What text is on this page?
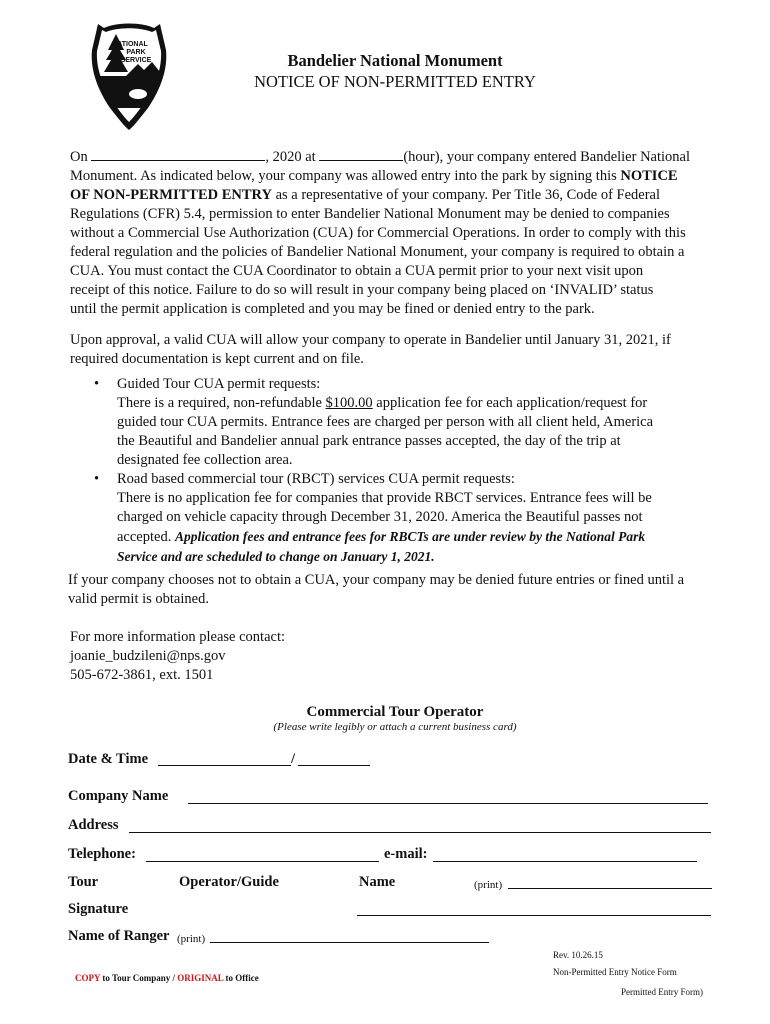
NATIONAL
PARK
SERVICE	Bandelier National Monument
NOTICE OF NON-PERMITTED ENTRY
On	, 2020 at	(hour), your company entered Bandelier National
Monument. As indicated below, your company was allowed entry into the park by signing this NOTICE
OF NON-PERMITTED ENTRY as a representative of your company. Per Title 36, Code of Federal
Regulations (CFR) 5.4, permission to enter Bandelier National Monument may be denied to companies
without a Commercial Use Authorization (CUA) for Commercial Operations. In order to comply with this
federal regulation and the policies of Bandelier National Monument, your company is required to obtain a
CUA. You must contact the CUA Coordinator to obtain a CUA permit prior to your next visit upon
receipt of this notice. Failure to do so will result in your company being placed on ‘INVALID’ status
until the permit application is completed and you may be fined or denied entry to the park.
Upon approval, a valid CUA will allow your company to operate in Bandelier until January 31, 2021, if
required documentation is kept current and on file.
• Guided Tour CUA permit requests:
There is a required, non-refundable $100.00 application fee for each application/request for
guided tour CUA permits. Entrance fees are charged per person with all client held, America
the Beautiful and Bandelier annual park entrance passes accepted, the day of the trip at
designated fee collection area.
• Road based commercial tour (RBCT) services CUA permit requests:
There is no application fee for companies that provide RBCT services. Entrance fees will be
charged on vehicle capacity through December 31, 2020. America the Beautiful passes not
accepted. Application fees and entrance fees for RBCTs are under review by the National Park
Service and are scheduled to change on January 1, 2021.
If your company chooses not to obtain a CUA, your company may be denied future entries or fined until a
valid permit is obtained.
For more information please contact:
joanie_budzileni@nps.gov
505-672-3861, ext. 1501
Commercial Tour Operator
(Please write legibly or attach a current business card)
Date & Time	/
Company Name
Address
Telephone:	e-mail:
Tour	Operator/Guide	Name	(print)
Signature
Name of Ranger (print)
Rev. 10.26.15
Non-Permitted Entry Notice Form
Permitted Entry Form)
COPY to Tour Company / ORIGINAL to Office
